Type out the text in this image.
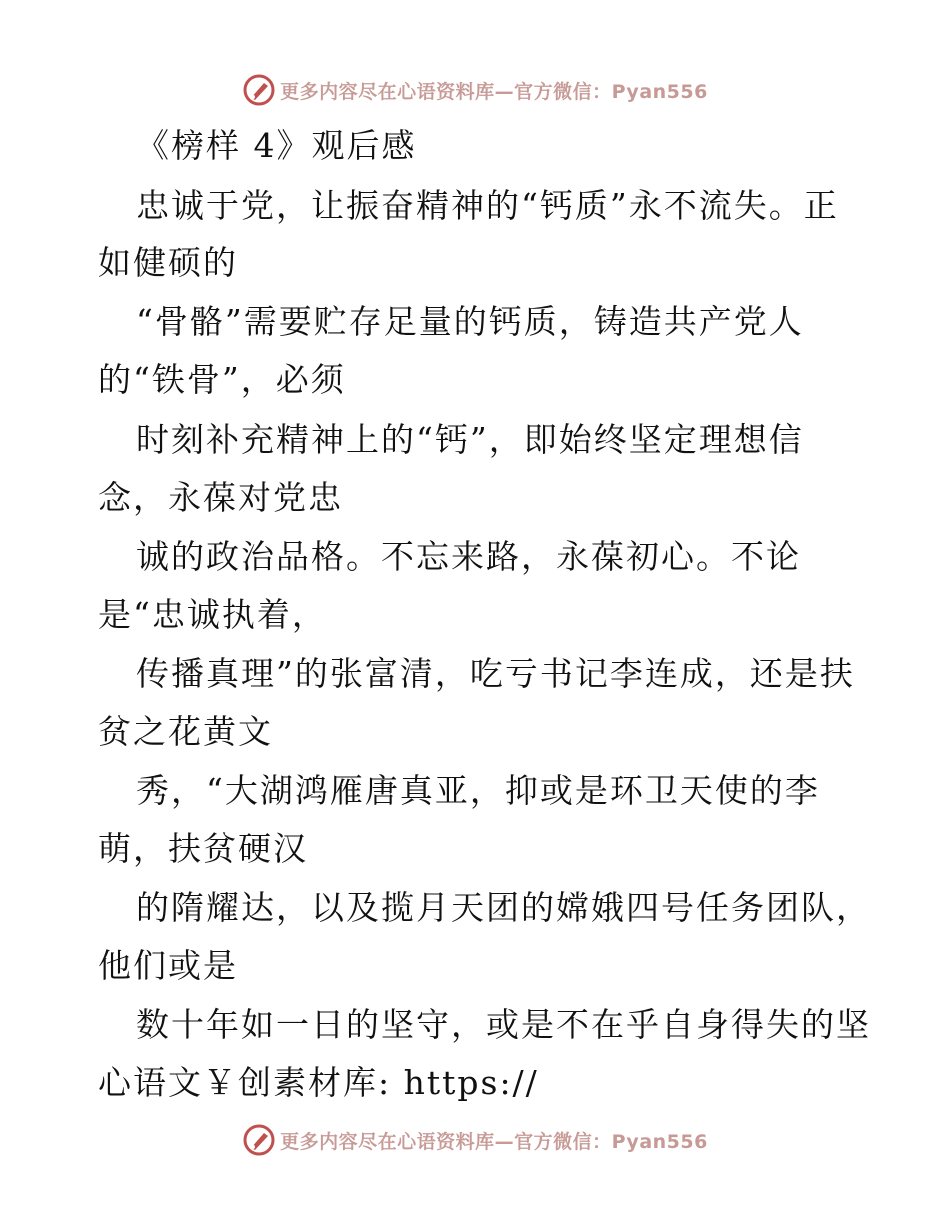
更多内容尽在心语资料库—官方微信：Pyan556
《榜样 4》观后感
忠诚于党，让振奋精神的“钙质”永不流失。正
如健硕的
“骨骼”需要贮存足量的钙质，铸造共产党人
的“铁骨”，必须
时刻补充精神上的“钙”，即始终坚定理想信
念，永葆对党忠
诚的政治品格。不忘来路，永葆初心。不论
是“忠诚执着，
传播真理”的张富清，吃亏书记李连成，还是扶
贫之花黄文
秀，“大湖鸿雁唐真亚，抑或是环卫天使的李
萌，扶贫硬汉
的隋耀达，以及揽月天团的嫦娥四号任务团队，
他们或是
数十年如一日的坚守，或是不在乎自身得失的坚
心语文￥创素材库: https://
更多内容尽在心语资料库—官方微信：Pyan556
